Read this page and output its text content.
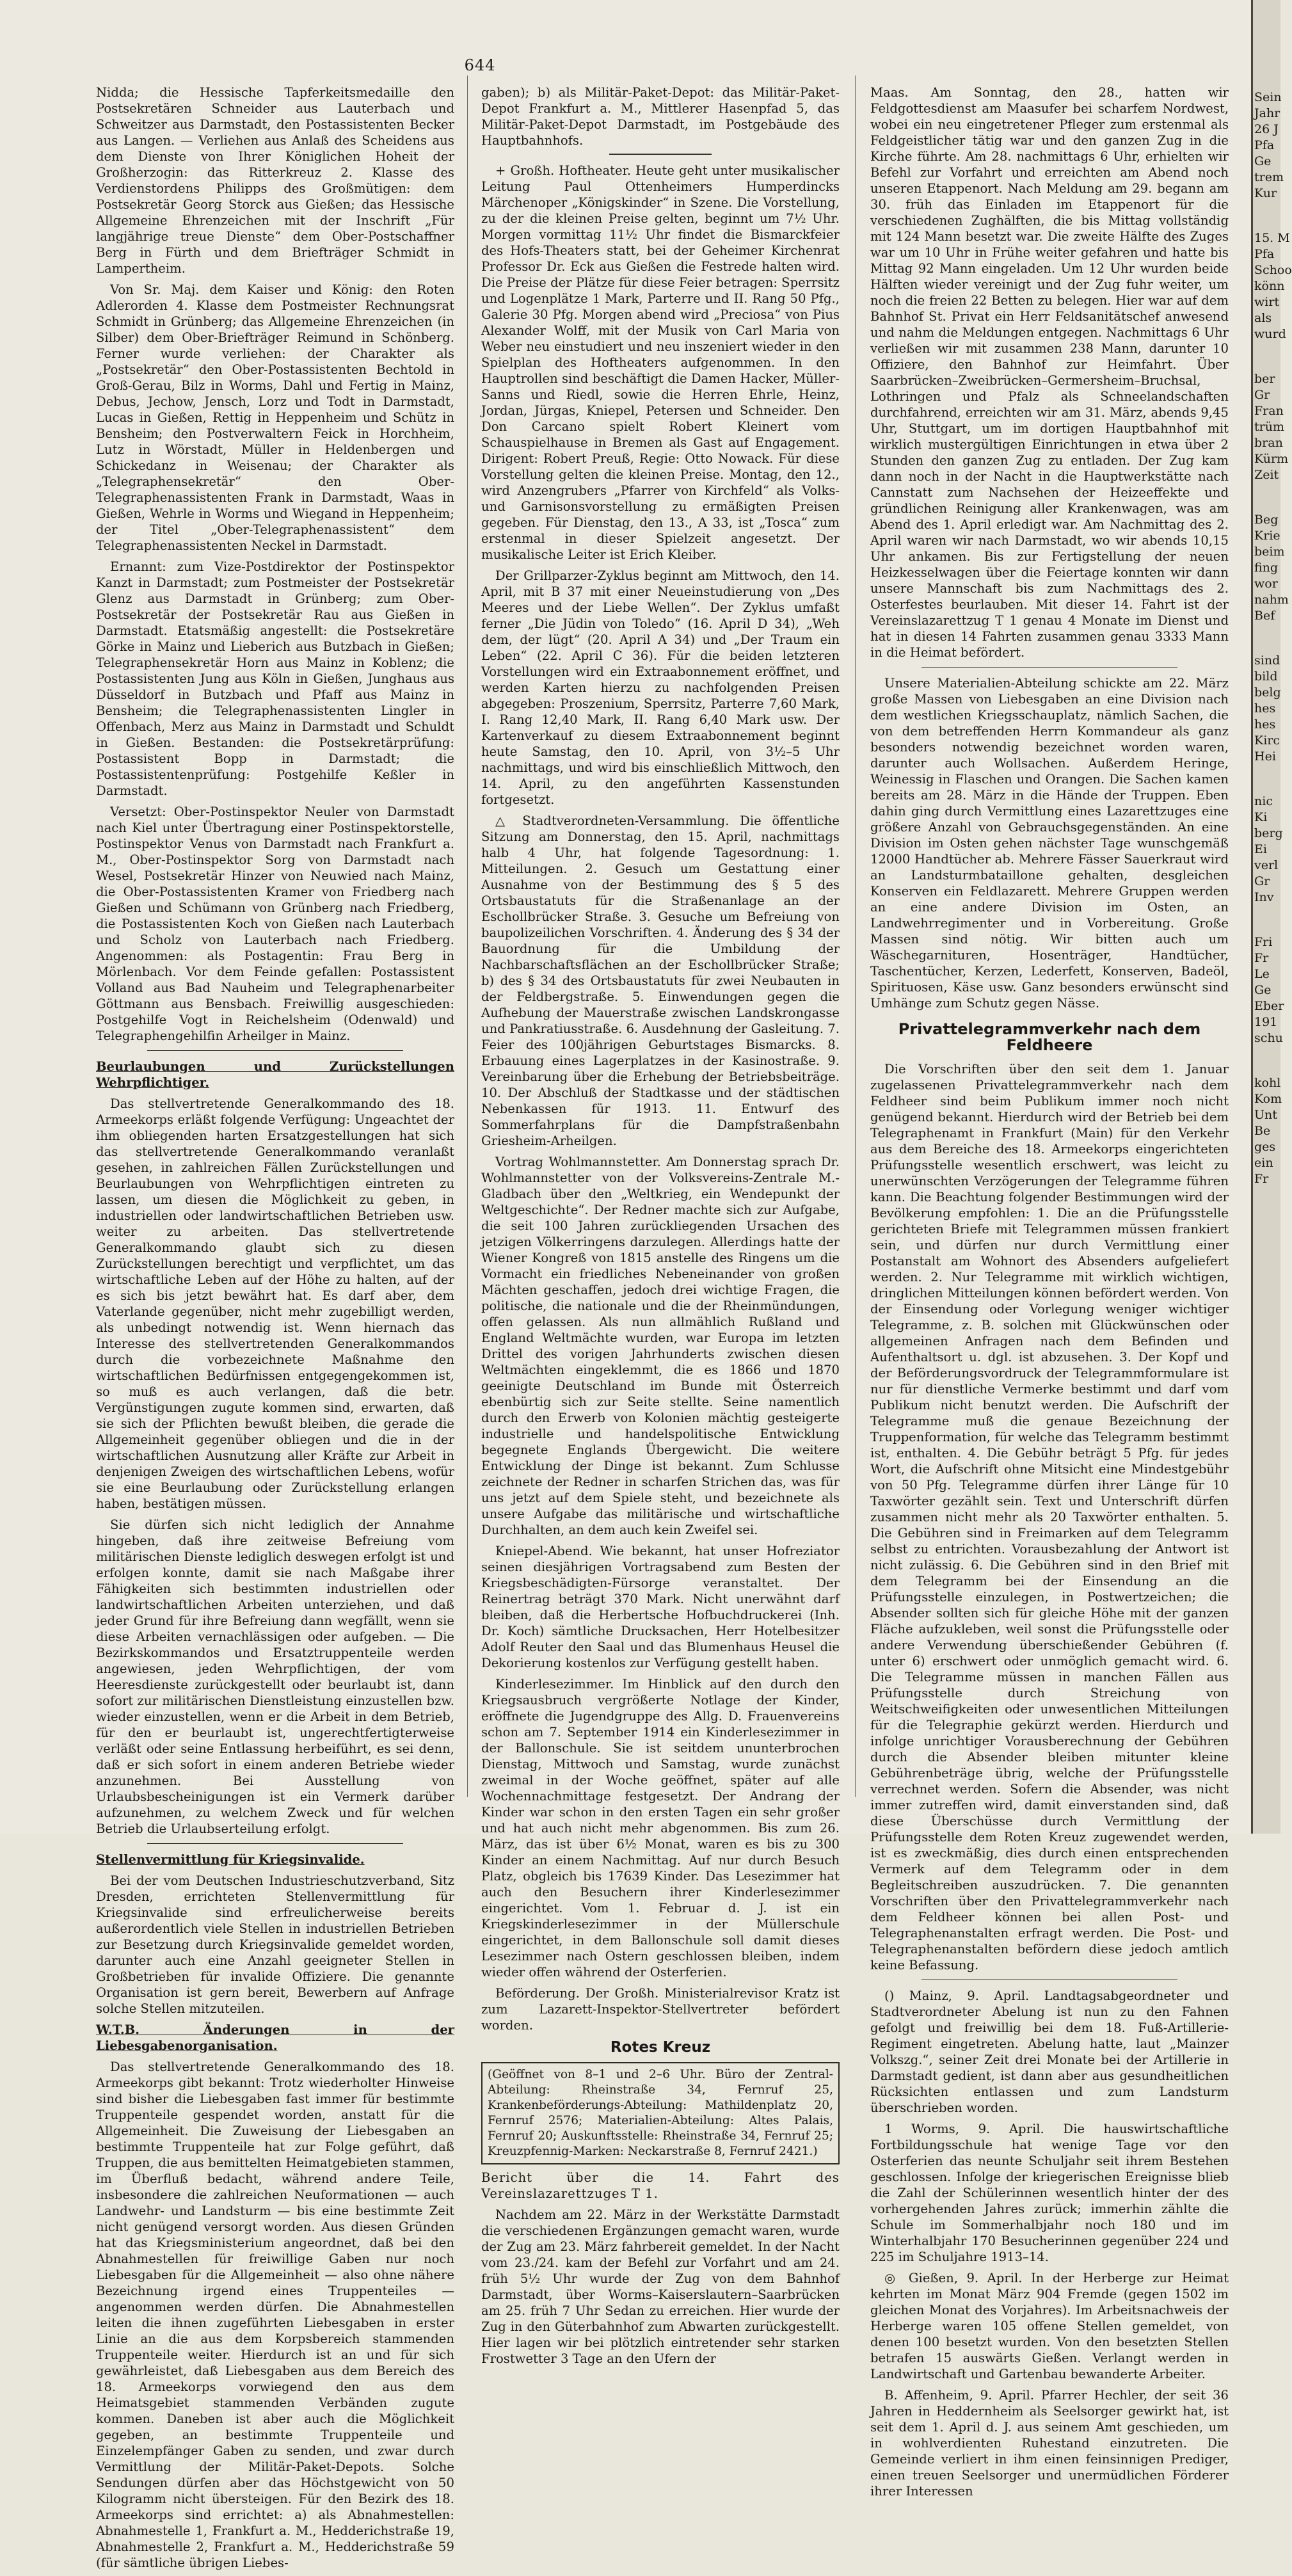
644

Nidda; die Hessische Tapferkeitsmedaille den Postsekretären Schneider aus Lauterbach und Schweitzer aus Darmstadt, den Postassistenten Becker aus Langen. — Verliehen aus Anlaß des Scheidens aus dem Dienste von Ihrer Königlichen Hoheit der Großherzogin: das Ritterkreuz 2. Klasse des Verdienstordens Philipps des Großmütigen: dem Postsekretär Georg Storck aus Gießen; das Hessische Allgemeine Ehrenzeichen mit der Inschrift „Für langjährige treue Dienste“ dem Ober-Postschaffner Berg in Fürth und dem Briefträger Schmidt in Lampertheim.

Von Sr. Maj. dem Kaiser und König: den Roten Adlerorden 4. Klasse dem Postmeister Rechnungsrat Schmidt in Grünberg; das Allgemeine Ehrenzeichen (in Silber) dem Ober-Briefträger Reimund in Schönberg. Ferner wurde verliehen: der Charakter als „Postsekretär“ den Ober-Postassistenten Bechtold in Groß-Gerau, Bilz in Worms, Dahl und Fertig in Mainz, Debus, Jechow, Jensch, Lorz und Todt in Darmstadt, Lucas in Gießen, Rettig in Heppenheim und Schütz in Bensheim; den Postverwaltern Feick in Horchheim, Lutz in Wörstadt, Müller in Heldenbergen und Schickedanz in Weisenau; der Charakter als „Telegraphensekretär“ den Ober-Telegraphenassistenten Frank in Darmstadt, Waas in Gießen, Wehrle in Worms und Wiegand in Heppenheim; der Titel „Ober-Telegraphenassistent“ dem Telegraphenassistenten Neckel in Darmstadt.

Ernannt: zum Vize-Postdirektor der Postinspektor Kanzt in Darmstadt; zum Postmeister der Postsekretär Glenz aus Darmstadt in Grünberg; zum Ober-Postsekretär der Postsekretär Rau aus Gießen in Darmstadt. Etatsmäßig angestellt: die Postsekretäre Görke in Mainz und Lieberich aus Butzbach in Gießen; Telegraphensekretär Horn aus Mainz in Koblenz; die Postassistenten Jung aus Köln in Gießen, Junghaus aus Düsseldorf in Butzbach und Pfaff aus Mainz in Bensheim; die Telegraphenassistenten Lingler in Offenbach, Merz aus Mainz in Darmstadt und Schuldt in Gießen. Bestanden: die Postsekretärprüfung: Postassistent Bopp in Darmstadt; die Postassistentenprüfung: Postgehilfe Keßler in Darmstadt.

Versetzt: Ober-Postinspektor Neuler von Darmstadt nach Kiel unter Übertragung einer Postinspektorstelle, Postinspektor Venus von Darmstadt nach Frankfurt a. M., Ober-Postinspektor Sorg von Darmstadt nach Wesel, Postsekretär Hinzer von Neuwied nach Mainz, die Ober-Postassistenten Kramer von Friedberg nach Gießen und Schümann von Grünberg nach Friedberg, die Postassistenten Koch von Gießen nach Lauterbach und Scholz von Lauterbach nach Friedberg. Angenommen: als Postagentin: Frau Berg in Mörlenbach. Vor dem Feinde gefallen: Postassistent Volland aus Bad Nauheim und Telegraphenarbeiter Göttmann aus Bensbach. Freiwillig ausgeschieden: Postgehilfe Vogt in Reichelsheim (Odenwald) und Telegraphengehilfin Arheilger in Mainz.

Beurlaubungen und Zurückstellungen Wehrpflichtiger.

Das stellvertretende Generalkommando des 18. Armeekorps erläßt folgende Verfügung: Ungeachtet der ihm obliegenden harten Ersatzgestellungen hat sich das stellvertretende Generalkommando veranlaßt gesehen, in zahlreichen Fällen Zurückstellungen und Beurlaubungen von Wehrpflichtigen eintreten zu lassen, um diesen die Möglichkeit zu geben, in industriellen oder landwirtschaftlichen Betrieben usw. weiter zu arbeiten. Das stellvertretende Generalkommando glaubt sich zu diesen Zurückstellungen berechtigt und verpflichtet, um das wirtschaftliche Leben auf der Höhe zu halten, auf der es sich bis jetzt bewährt hat. Es darf aber, dem Vaterlande gegenüber, nicht mehr zugebilligt werden, als unbedingt notwendig ist. Wenn hiernach das Interesse des stellvertretenden Generalkommandos durch die vorbezeichnete Maßnahme den wirtschaftlichen Bedürfnissen entgegengekommen ist, so muß es auch verlangen, daß die betr. Vergünstigungen zugute kommen sind, erwarten, daß sie sich der Pflichten bewußt bleiben, die gerade die Allgemeinheit gegenüber obliegen und die in der wirtschaftlichen Ausnutzung aller Kräfte zur Arbeit in denjenigen Zweigen des wirtschaftlichen Lebens, wofür sie eine Beurlaubung oder Zurückstellung erlangen haben, bestätigen müssen.

Sie dürfen sich nicht lediglich der Annahme hingeben, daß ihre zeitweise Befreiung vom militärischen Dienste lediglich deswegen erfolgt ist und erfolgen konnte, damit sie nach Maßgabe ihrer Fähigkeiten sich bestimmten industriellen oder landwirtschaftlichen Arbeiten unterziehen, und daß jeder Grund für ihre Befreiung dann wegfällt, wenn sie diese Arbeiten vernachlässigen oder aufgeben. — Die Bezirkskommandos und Ersatztruppenteile werden angewiesen, jeden Wehrpflichtigen, der vom Heeresdienste zurückgestellt oder beurlaubt ist, dann sofort zur militärischen Dienstleistung einzustellen bzw. wieder einzustellen, wenn er die Arbeit in dem Betrieb, für den er beurlaubt ist, ungerechtfertigterweise verläßt oder seine Entlassung herbeiführt, es sei denn, daß er sich sofort in einem anderen Betriebe wieder anzunehmen. Bei Ausstellung von Urlaubsbescheinigungen ist ein Vermerk darüber aufzunehmen, zu welchem Zweck und für welchen Betrieb die Urlaubserteilung erfolgt.

Stellenvermittlung für Kriegsinvalide.

Bei der vom Deutschen Industrieschutzverband, Sitz Dresden, errichteten Stellenvermittlung für Kriegsinvalide sind erfreulicherweise bereits außerordentlich viele Stellen in industriellen Betrieben zur Besetzung durch Kriegsinvalide gemeldet worden, darunter auch eine Anzahl geeigneter Stellen in Großbetrieben für invalide Offiziere. Die genannte Organisation ist gern bereit, Bewerbern auf Anfrage solche Stellen mitzuteilen.

W.T.B. Änderungen in der Liebesgabenorganisation.

Das stellvertretende Generalkommando des 18. Armeekorps gibt bekannt: Trotz wiederholter Hinweise sind bisher die Liebesgaben fast immer für bestimmte Truppenteile gespendet worden, anstatt für die Allgemeinheit. Die Zuweisung der Liebesgaben an bestimmte Truppenteile hat zur Folge geführt, daß Truppen, die aus bemittelten Heimatgebieten stammen, im Überfluß bedacht, während andere Teile, insbesondere die zahlreichen Neuformationen — auch Landwehr- und Landsturm — bis eine bestimmte Zeit nicht genügend versorgt worden. Aus diesen Gründen hat das Kriegsministerium angeordnet, daß bei den Abnahmestellen für freiwillige Gaben nur noch Liebesgaben für die Allgemeinheit — also ohne nähere Bezeichnung irgend eines Truppenteiles — angenommen werden dürfen. Die Abnahmestellen leiten die ihnen zugeführten Liebesgaben in erster Linie an die aus dem Korpsbereich stammenden Truppenteile weiter. Hierdurch ist an und für sich gewährleistet, daß Liebesgaben aus dem Bereich des 18. Armeekorps vorwiegend den aus dem Heimatsgebiet stammenden Verbänden zugute kommen. Daneben ist aber auch die Möglichkeit gegeben, an bestimmte Truppenteile und Einzelempfänger Gaben zu senden, und zwar durch Vermittlung der Militär-Paket-Depots. Solche Sendungen dürfen aber das Höchstgewicht von 50 Kilogramm nicht übersteigen. Für den Bezirk des 18. Armeekorps sind errichtet: a) als Abnahmestellen: Abnahmestelle 1, Frankfurt a. M., Hedderichstraße 19, Abnahmestelle 2, Frankfurt a. M., Hedderichstraße 59 (für sämtliche übrigen Liebes-

gaben); b) als Militär-Paket-Depot: das Militär-Paket-Depot Frankfurt a. M., Mittlerer Hasenpfad 5, das Militär-Paket-Depot Darmstadt, im Postgebäude des Hauptbahnhofs.

+ Großh. Hoftheater. Heute geht unter musikalischer Leitung Paul Ottenheimers Humperdincks Märchenoper „Königskinder“ in Szene. Die Vorstellung, zu der die kleinen Preise gelten, beginnt um 7½ Uhr. Morgen vormittag 11½ Uhr findet die Bismarckfeier des Hofs-Theaters statt, bei der Geheimer Kirchenrat Professor Dr. Eck aus Gießen die Festrede halten wird. Die Preise der Plätze für diese Feier betragen: Sperrsitz und Logenplätze 1 Mark, Parterre und II. Rang 50 Pfg., Galerie 30 Pfg. Morgen abend wird „Preciosa“ von Pius Alexander Wolff, mit der Musik von Carl Maria von Weber neu einstudiert und neu inszeniert wieder in den Spielplan des Hoftheaters aufgenommen. In den Hauptrollen sind beschäftigt die Damen Hacker, Müller-Sanns und Riedl, sowie die Herren Ehrle, Heinz, Jordan, Jürgas, Kniepel, Petersen und Schneider. Den Don Carcano spielt Robert Kleinert vom Schauspielhause in Bremen als Gast auf Engagement. Dirigent: Robert Preuß, Regie: Otto Nowack. Für diese Vorstellung gelten die kleinen Preise. Montag, den 12., wird Anzengrubers „Pfarrer von Kirchfeld“ als Volks- und Garnisonsvorstellung zu ermäßigten Preisen gegeben. Für Dienstag, den 13., A 33, ist „Tosca“ zum erstenmal in dieser Spielzeit angesetzt. Der musikalische Leiter ist Erich Kleiber.

Der Grillparzer-Zyklus beginnt am Mittwoch, den 14. April, mit B 37 mit einer Neueinstudierung von „Des Meeres und der Liebe Wellen“. Der Zyklus umfaßt ferner „Die Jüdin von Toledo“ (16. April D 34), „Weh dem, der lügt“ (20. April A 34) und „Der Traum ein Leben“ (22. April C 36). Für die beiden letzteren Vorstellungen wird ein Extraabonnement eröffnet, und werden Karten hierzu zu nachfolgenden Preisen abgegeben: Proszenium, Sperrsitz, Parterre 7,60 Mark, I. Rang 12,40 Mark, II. Rang 6,40 Mark usw. Der Kartenverkauf zu diesem Extraabonnement beginnt heute Samstag, den 10. April, von 3½–5 Uhr nachmittags, und wird bis einschließlich Mittwoch, den 14. April, zu den angeführten Kassenstunden fortgesetzt.

△ Stadtverordneten-Versammlung. Die öffentliche Sitzung am Donnerstag, den 15. April, nachmittags halb 4 Uhr, hat folgende Tagesordnung: 1. Mitteilungen. 2. Gesuch um Gestattung einer Ausnahme von der Bestimmung des § 5 des Ortsbaustatuts für die Straßenanlage an der Eschollbrücker Straße. 3. Gesuche um Befreiung von baupolizeilichen Vorschriften. 4. Änderung des § 34 der Bauordnung für die Umbildung der Nachbarschaftsflächen an der Eschollbrücker Straße; b) des § 34 des Ortsbaustatuts für zwei Neubauten in der Feldbergstraße. 5. Einwendungen gegen die Aufhebung der Mauerstraße zwischen Landskrongasse und Pankratiusstraße. 6. Ausdehnung der Gasleitung. 7. Feier des 100jährigen Geburtstages Bismarcks. 8. Erbauung eines Lagerplatzes in der Kasinostraße. 9. Vereinbarung über die Erhebung der Betriebsbeiträge. 10. Der Abschluß der Stadtkasse und der städtischen Nebenkassen für 1913. 11. Entwurf des Sommerfahrplans für die Dampfstraßenbahn Griesheim-Arheilgen.

Vortrag Wohlmannstetter. Am Donnerstag sprach Dr. Wohlmannstetter von der Volksvereins-Zentrale M.-Gladbach über den „Weltkrieg, ein Wendepunkt der Weltgeschichte“. Der Redner machte sich zur Aufgabe, die seit 100 Jahren zurückliegenden Ursachen des jetzigen Völkerringens darzulegen. Allerdings hatte der Wiener Kongreß von 1815 anstelle des Ringens um die Vormacht ein friedliches Nebeneinander von großen Mächten geschaffen, jedoch drei wichtige Fragen, die politische, die nationale und die der Rheinmündungen, offen gelassen. Als nun allmählich Rußland und England Weltmächte wurden, war Europa im letzten Drittel des vorigen Jahrhunderts zwischen diesen Weltmächten eingeklemmt, die es 1866 und 1870 geeinigte Deutschland im Bunde mit Österreich ebenbürtig sich zur Seite stellte. Seine namentlich durch den Erwerb von Kolonien mächtig gesteigerte industrielle und handelspolitische Entwicklung begegnete Englands Übergewicht. Die weitere Entwicklung der Dinge ist bekannt. Zum Schlusse zeichnete der Redner in scharfen Strichen das, was für uns jetzt auf dem Spiele steht, und bezeichnete als unsere Aufgabe das militärische und wirtschaftliche Durchhalten, an dem auch kein Zweifel sei.

Kniepel-Abend. Wie bekannt, hat unser Hofreziator seinen diesjährigen Vortragsabend zum Besten der Kriegsbeschädigten-Fürsorge veranstaltet. Der Reinertrag beträgt 370 Mark. Nicht unerwähnt darf bleiben, daß die Herbertsche Hofbuchdruckerei (Inh. Dr. Koch) sämtliche Drucksachen, Herr Hotelbesitzer Adolf Reuter den Saal und das Blumenhaus Heusel die Dekorierung kostenlos zur Verfügung gestellt haben.

Kinderlesezimmer. Im Hinblick auf den durch den Kriegsausbruch vergrößerte Notlage der Kinder, eröffnete die Jugendgruppe des Allg. D. Frauenvereins schon am 7. September 1914 ein Kinderlesezimmer in der Ballonschule. Sie ist seitdem ununterbrochen Dienstag, Mittwoch und Samstag, wurde zunächst zweimal in der Woche geöffnet, später auf alle Wochennachmittage festgesetzt. Der Andrang der Kinder war schon in den ersten Tagen ein sehr großer und hat auch nicht mehr abgenommen. Bis zum 26. März, das ist über 6½ Monat, waren es bis zu 300 Kinder an einem Nachmittag. Auf nur durch Besuch Platz, obgleich bis 17639 Kinder. Das Lesezimmer hat auch den Besuchern ihrer Kinderlesezimmer eingerichtet. Vom 1. Februar d. J. ist ein Kriegskinderlesezimmer in der Müllerschule eingerichtet, in dem Ballonschule soll damit dieses Lesezimmer nach Ostern geschlossen bleiben, indem wieder offen während der Osterferien.

Beförderung. Der Großh. Ministerialrevisor Kratz ist zum Lazarett-Inspektor-Stellvertreter befördert worden.

Rotes Kreuz

(Geöffnet von 8–1 und 2–6 Uhr. Büro der Zentral-Abteilung: Rheinstraße 34, Fernruf 25, Krankenbeförderungs-Abteilung: Mathildenplatz 20, Fernruf 2576; Materialien-Abteilung: Altes Palais, Fernruf 20; Auskunftsstelle: Rheinstraße 34, Fernruf 25; Kreuzpfennig-Marken: Neckarstraße 8, Fernruf 2421.)

Bericht über die 14. Fahrt des Vereinslazarettzuges T 1.

Nachdem am 22. März in der Werkstätte Darmstadt die verschiedenen Ergänzungen gemacht waren, wurde der Zug am 23. März fahrbereit gemeldet. In der Nacht vom 23./24. kam der Befehl zur Vorfahrt und am 24. früh 5½ Uhr wurde der Zug von dem Bahnhof Darmstadt, über Worms–Kaiserslautern–Saarbrücken am 25. früh 7 Uhr Sedan zu erreichen. Hier wurde der Zug in den Güterbahnhof zum Abwarten zurückgestellt. Hier lagen wir bei plötzlich eintretender sehr starken Frostwetter 3 Tage an den Ufern der

Maas. Am Sonntag, den 28., hatten wir Feldgottesdienst am Maasufer bei scharfem Nordwest, wobei ein neu eingetretener Pfleger zum erstenmal als Feldgeistlicher tätig war und den ganzen Zug in die Kirche führte. Am 28. nachmittags 6 Uhr, erhielten wir Befehl zur Vorfahrt und erreichten am Abend noch unseren Etappenort. Nach Meldung am 29. begann am 30. früh das Einladen im Etappenort für die verschiedenen Zughälften, die bis Mittag vollständig mit 124 Mann besetzt war. Die zweite Hälfte des Zuges war um 10 Uhr in Frühe weiter gefahren und hatte bis Mittag 92 Mann eingeladen. Um 12 Uhr wurden beide Hälften wieder vereinigt und der Zug fuhr weiter, um noch die freien 22 Betten zu belegen. Hier war auf dem Bahnhof St. Privat ein Herr Feldsanitätschef anwesend und nahm die Meldungen entgegen. Nachmittags 6 Uhr verließen wir mit zusammen 238 Mann, darunter 10 Offiziere, den Bahnhof zur Heimfahrt. Über Saarbrücken–Zweibrücken–Germersheim–Bruchsal, Lothringen und Pfalz als Schneelandschaften durchfahrend, erreichten wir am 31. März, abends 9,45 Uhr, Stuttgart, um im dortigen Hauptbahnhof mit wirklich mustergültigen Einrichtungen in etwa über 2 Stunden den ganzen Zug zu entladen. Der Zug kam dann noch in der Nacht in die Hauptwerkstätte nach Cannstatt zum Nachsehen der Heizeeffekte und gründlichen Reinigung aller Krankenwagen, was am Abend des 1. April erledigt war. Am Nachmittag des 2. April waren wir nach Darmstadt, wo wir abends 10,15 Uhr ankamen. Bis zur Fertigstellung der neuen Heizkesselwagen über die Feiertage konnten wir dann unsere Mannschaft bis zum Nachmittags des 2. Osterfestes beurlauben. Mit dieser 14. Fahrt ist der Vereinslazarettzug T 1 genau 4 Monate im Dienst und hat in diesen 14 Fahrten zusammen genau 3333 Mann in die Heimat befördert.

Unsere Materialien-Abteilung schickte am 22. März große Massen von Liebesgaben an eine Division nach dem westlichen Kriegsschauplatz, nämlich Sachen, die von dem betreffenden Herrn Kommandeur als ganz besonders notwendig bezeichnet worden waren, darunter auch Wollsachen. Außerdem Heringe, Weinessig in Flaschen und Orangen. Die Sachen kamen bereits am 28. März in die Hände der Truppen. Eben dahin ging durch Vermittlung eines Lazarettzuges eine größere Anzahl von Gebrauchsgegenständen. An eine Division im Osten gehen nächster Tage wunschgemäß 12000 Handtücher ab. Mehrere Fässer Sauerkraut wird an Landsturmbataillone gehalten, desgleichen Konserven ein Feldlazarett. Mehrere Gruppen werden an eine andere Division im Osten, an Landwehrregimenter und in Vorbereitung. Große Massen sind nötig. Wir bitten auch um Wäschegarnituren, Hosenträger, Handtücher, Taschentücher, Kerzen, Lederfett, Konserven, Badeöl, Spirituosen, Käse usw. Ganz besonders erwünscht sind Umhänge zum Schutz gegen Nässe.

Privattelegrammverkehr nach dem Feldheere

Die Vorschriften über den seit dem 1. Januar zugelassenen Privattelegrammverkehr nach dem Feldheer sind beim Publikum immer noch nicht genügend bekannt. Hierdurch wird der Betrieb bei dem Telegraphenamt in Frankfurt (Main) für den Verkehr aus dem Bereiche des 18. Armeekorps eingerichteten Prüfungsstelle wesentlich erschwert, was leicht zu unerwünschten Verzögerungen der Telegramme führen kann. Die Beachtung folgender Bestimmungen wird der Bevölkerung empfohlen: 1. Die an die Prüfungsstelle gerichteten Briefe mit Telegrammen müssen frankiert sein, und dürfen nur durch Vermittlung einer Postanstalt am Wohnort des Absenders aufgeliefert werden. 2. Nur Telegramme mit wirklich wichtigen, dringlichen Mitteilungen können befördert werden. Von der Einsendung oder Vorlegung weniger wichtiger Telegramme, z. B. solchen mit Glückwünschen oder allgemeinen Anfragen nach dem Befinden und Aufenthaltsort u. dgl. ist abzusehen. 3. Der Kopf und der Beförderungsvordruck der Telegrammformulare ist nur für dienstliche Vermerke bestimmt und darf vom Publikum nicht benutzt werden. Die Aufschrift der Telegramme muß die genaue Bezeichnung der Truppenformation, für welche das Telegramm bestimmt ist, enthalten. 4. Die Gebühr beträgt 5 Pfg. für jedes Wort, die Aufschrift ohne Mitsicht eine Mindestgebühr von 50 Pfg. Telegramme dürfen ihrer Länge für 10 Taxwörter gezählt sein. Text und Unterschrift dürfen zusammen nicht mehr als 20 Taxwörter enthalten. 5. Die Gebühren sind in Freimarken auf dem Telegramm selbst zu entrichten. Vorausbezahlung der Antwort ist nicht zulässig. 6. Die Gebühren sind in den Brief mit dem Telegramm bei der Einsendung an die Prüfungsstelle einzulegen, in Postwertzeichen; die Absender sollten sich für gleiche Höhe mit der ganzen Fläche aufzukleben, weil sonst die Prüfungsstelle oder andere Verwendung überschießender Gebühren (f. unter 6) erschwert oder unmöglich gemacht wird. 6. Die Telegramme müssen in manchen Fällen aus Prüfungsstelle durch Streichung von Weitschweifigkeiten oder unwesentlichen Mitteilungen für die Telegraphie gekürzt werden. Hierdurch und infolge unrichtiger Vorausberechnung der Gebühren durch die Absender bleiben mitunter kleine Gebührenbeträge übrig, welche der Prüfungsstelle verrechnet werden. Sofern die Absender, was nicht immer zutreffen wird, damit einverstanden sind, daß diese Überschüsse durch Vermittlung der Prüfungsstelle dem Roten Kreuz zugewendet werden, ist es zweckmäßig, dies durch einen entsprechenden Vermerk auf dem Telegramm oder in dem Begleitschreiben auszudrücken. 7. Die genannten Vorschriften über den Privattelegrammverkehr nach dem Feldheer können bei allen Post- und Telegraphenanstalten erfragt werden. Die Post- und Telegraphenanstalten befördern diese jedoch amtlich keine Befassung.

() Mainz, 9. April. Landtagsabgeordneter und Stadtverordneter Abelung ist nun zu den Fahnen gefolgt und freiwillig bei dem 18. Fuß-Artillerie-Regiment eingetreten. Abelung hatte, laut „Mainzer Volkszg.“, seiner Zeit drei Monate bei der Artillerie in Darmstadt gedient, ist dann aber aus gesundheitlichen Rücksichten entlassen und zum Landsturm überschrieben worden.

1 Worms, 9. April. Die hauswirtschaftliche Fortbildungsschule hat wenige Tage vor den Osterferien das neunte Schuljahr seit ihrem Bestehen geschlossen. Infolge der kriegerischen Ereignisse blieb die Zahl der Schülerinnen wesentlich hinter der des vorhergehenden Jahres zurück; immerhin zählte die Schule im Sommerhalbjahr noch 180 und im Winterhalbjahr 170 Besucherinnen gegenüber 224 und 225 im Schuljahre 1913–14.

◎ Gießen, 9. April. In der Herberge zur Heimat kehrten im Monat März 904 Fremde (gegen 1502 im gleichen Monat des Vorjahres). Im Arbeitsnachweis der Herberge waren 105 offene Stellen gemeldet, von denen 100 besetzt wurden. Von den besetzten Stellen betrafen 15 auswärts Gießen. Verlangt werden in Landwirtschaft und Gartenbau bewanderte Arbeiter.

B. Affenheim, 9. April. Pfarrer Hechler, der seit 36 Jahren in Heddernheim als Seelsorger gewirkt hat, ist seit dem 1. April d. J. aus seinem Amt geschieden, um in wohlverdienten Ruhestand einzutreten. Die Gemeinde verliert in ihm einen feinsinnigen Prediger, einen treuen Seelsorger und unermüdlichen Förderer ihrer Interessen

Sein
Jahr
26 J
Pfa
Ge
trem
Kur
15. M
Pfa
Schoo
könn
wirt
als
wurd
ber
Gr
Fran
trüm
bran
Kürm
Zeit
Beg
Krie
beim
fing
wor
nahm
Bef
sind
bild
belg
hes
hes
Kirc
Hei
nic
Ki
berg
Ei
verl
Gr
Inv
Fri
Fr
Le
Ge
Eber
191
schu
kohl
Kom
Unt
Be
ges
ein
Fr
